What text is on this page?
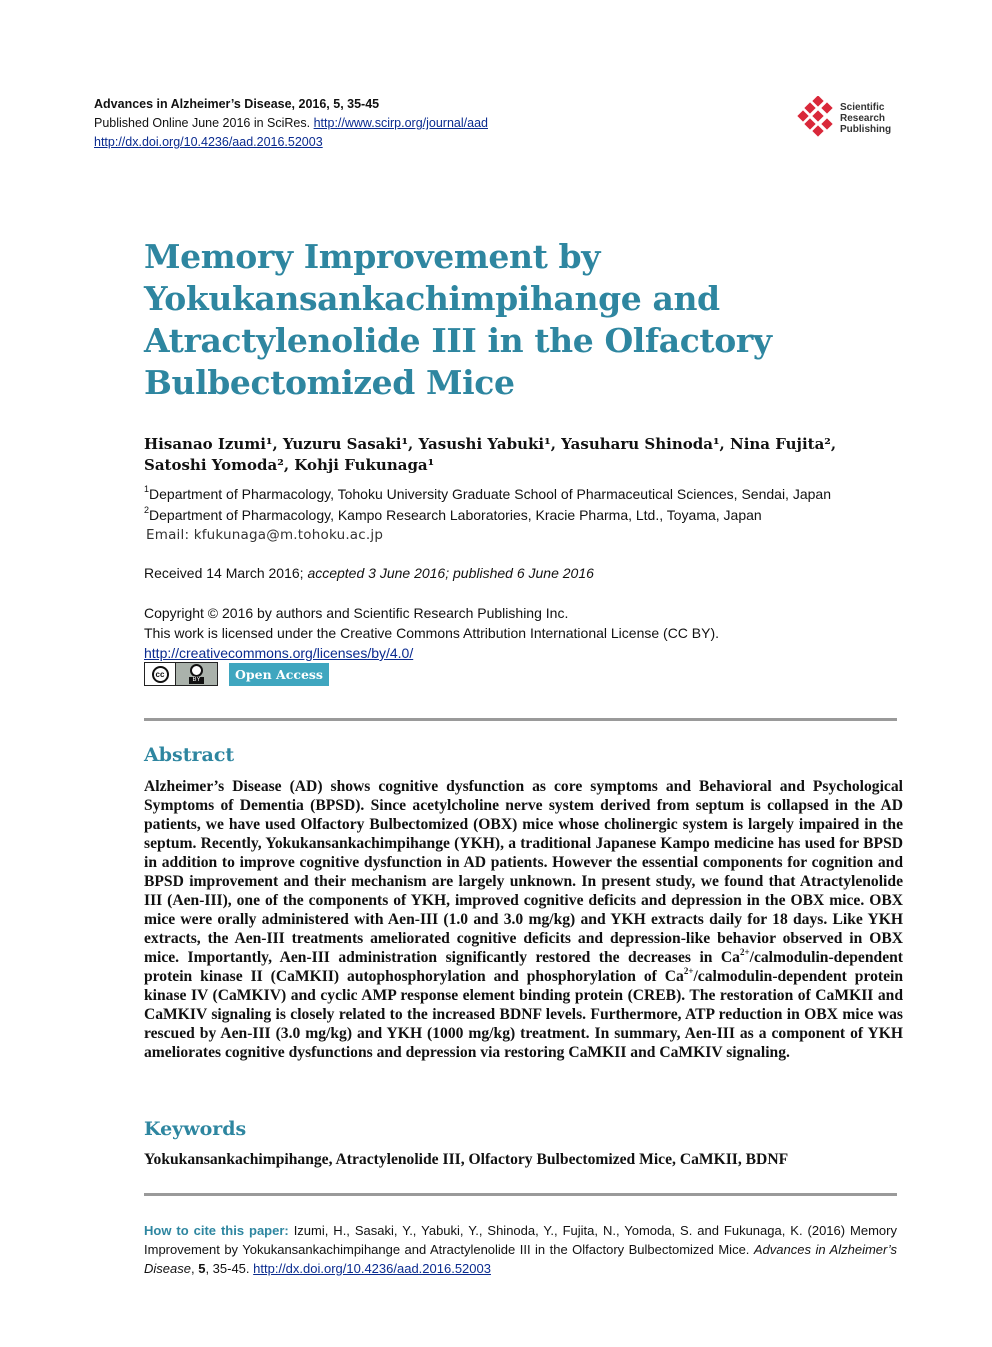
Advances in Alzheimer’s Disease, 2016, 5, 35-45
Published Online June 2016 in SciRes. http://www.scirp.org/journal/aad
http://dx.doi.org/10.4236/aad.2016.52003
Scientific
Research
Publishing
Memory Improvement by
Yokukansankachimpihange and
Atractylenolide III in the Olfactory
Bulbectomized Mice
Hisanao Izumi¹, Yuzuru Sasaki¹, Yasushi Yabuki¹, Yasuharu Shinoda¹, Nina Fujita²,
Satoshi Yomoda², Kohji Fukunaga¹
$^1$Department of Pharmacology, Tohoku University Graduate School of Pharmaceutical Sciences, Sendai, Japan
$^2$Department of Pharmacology, Kampo Research Laboratories, Kracie Pharma, Ltd., Toyama, Japan
Email: kfukunaga@m.tohoku.ac.jp
Received 14 March 2016; accepted 3 June 2016; published 6 June 2016
Copyright © 2016 by authors and Scientific Research Publishing Inc.
This work is licensed under the Creative Commons Attribution International License (CC BY).
http://creativecommons.org/licenses/by/4.0/
cc
BY	Open Access
Abstract
Alzheimer’s Disease (AD) shows cognitive dysfunction as core symptoms and Behavioral and Psychological Symptoms of Dementia (BPSD). Since acetylcholine nerve system derived from septum is collapsed in the AD patients, we have used Olfactory Bulbectomized (OBX) mice whose cholinergic system is largely impaired in the septum. Recently, Yokukansankachimpihange (YKH), a traditional Japanese Kampo medicine has used for BPSD in addition to improve cognitive dysfunction in AD patients. However the essential components for cognition and BPSD improvement and their mechanism are largely unknown. In present study, we found that Atractylenolide III (Aen-III), one of the components of YKH, improved cognitive deficits and depression in the OBX mice. OBX mice were orally administered with Aen-III (1.0 and 3.0 mg/kg) and YKH extracts daily for 18 days. Like YKH extracts, the Aen-III treatments ameliorated cognitive deficits and depression-like behavior observed in OBX mice. Importantly, Aen-III administration significantly restored the decreases in $Ca^{2+}/calmodulin$-dependent protein kinase II (CaMKII) autophosphorylation and phosphorylation of $Ca^{2+}/calmodulin$-dependent protein kinase IV (CaMKIV) and cyclic AMP response element binding protein (CREB). The restoration of CaMKII and CaMKIV signaling is closely related to the increased BDNF levels. Furthermore, ATP reduction in OBX mice was rescued by Aen-III (3.0 mg/kg) and YKH (1000 mg/kg) treatment. In summary, Aen-III as a component of YKH ameliorates cognitive dysfunctions and depression via restoring CaMKII and CaMKIV signaling.
Keywords
Yokukansankachimpihange, Atractylenolide III, Olfactory Bulbectomized Mice, CaMKII, BDNF
How to cite this paper: Izumi, H., Sasaki, Y., Yabuki, Y., Shinoda, Y., Fujita, N., Yomoda, S. and Fukunaga, K. (2016) Memory Improvement by Yokukansankachimpihange and Atractylenolide III in the Olfactory Bulbectomized Mice. Advances in Alzheimer’s Disease, 5, 35-45. http://dx.doi.org/10.4236/aad.2016.52003
